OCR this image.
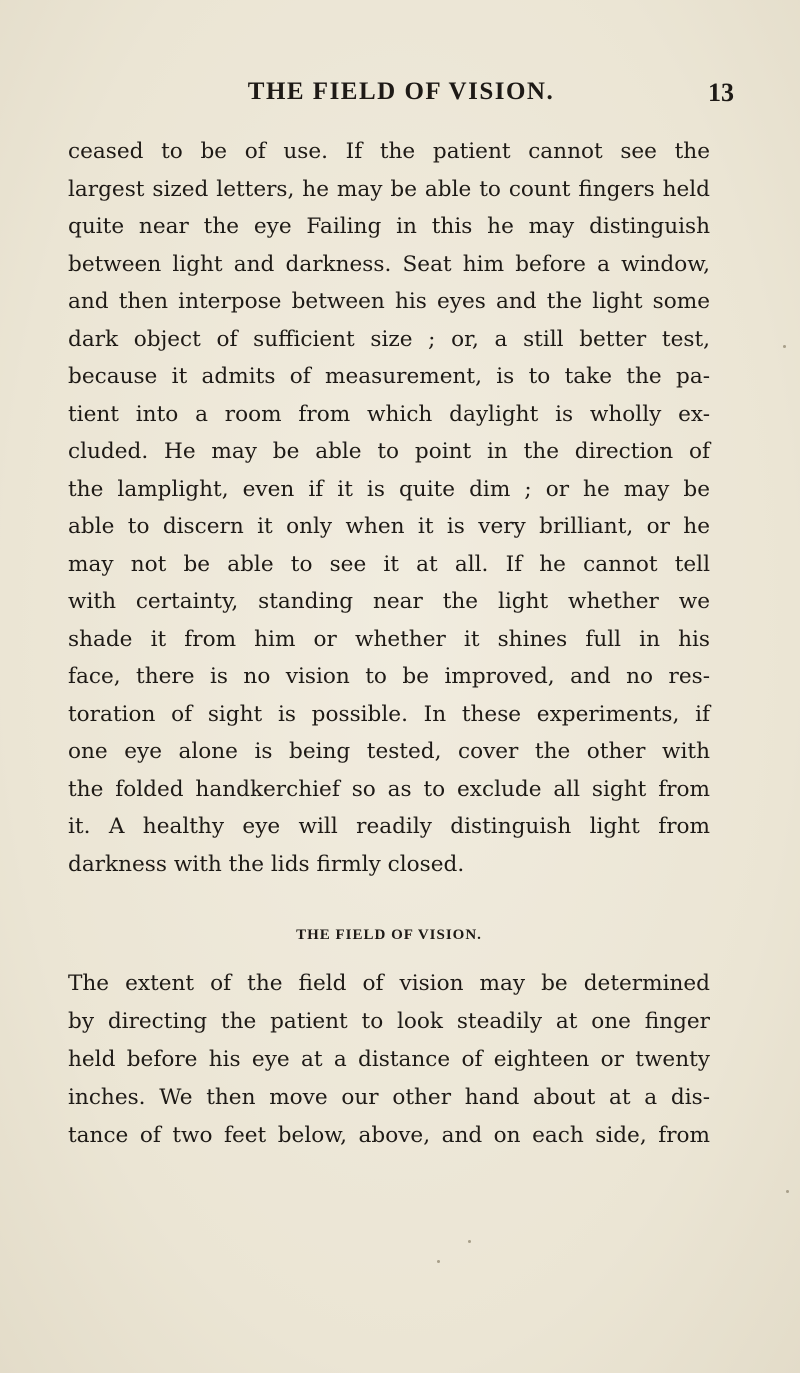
THE FIELD OF VISION.	13
ceased to be of use. If the patient cannot see the
largest sized letters, he may be able to count fingers held
quite near the eye Failing in this he may distinguish
between light and darkness. Seat him before a window,
and then interpose between his eyes and the light some
dark object of sufficient size ; or, a still better test,
because it admits of measurement, is to take the pa-
tient into a room from which daylight is wholly ex-
cluded. He may be able to point in the direction of
the lamplight, even if it is quite dim ; or he may be
able to discern it only when it is very brilliant, or he
may not be able to see it at all. If he cannot tell
with certainty, standing near the light whether we
shade it from him or whether it shines full in his
face, there is no vision to be improved, and no res-
toration of sight is possible. In these experiments, if
one eye alone is being tested, cover the other with
the folded handkerchief so as to exclude all sight from
it. A healthy eye will readily distinguish light from
darkness with the lids firmly closed.
THE FIELD OF VISION.
The extent of the field of vision may be determined
by directing the patient to look steadily at one finger
held before his eye at a distance of eighteen or twenty
inches. We then move our other hand about at a dis-
tance of two feet below, above, and on each side, from
